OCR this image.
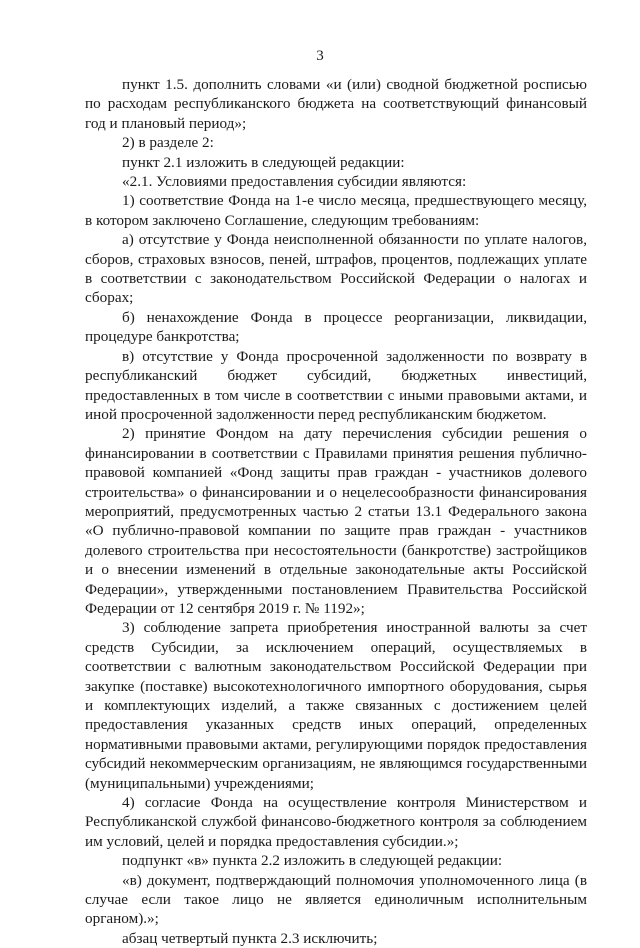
3

пункт 1.5. дополнить словами «и (или) сводной бюджетной росписью по расходам республиканского бюджета на соответствующий финансовый год и плановый период»;

2) в разделе 2:

пункт 2.1 изложить в следующей редакции:

«2.1. Условиями предоставления субсидии являются:

1) соответствие Фонда на 1-е число месяца, предшествующего месяцу, в котором заключено Соглашение, следующим требованиям:

а) отсутствие у Фонда неисполненной обязанности по уплате налогов, сборов, страховых взносов, пеней, штрафов, процентов, подлежащих уплате в соответствии с законодательством Российской Федерации о налогах и сборах;

б) ненахождение Фонда в процессе реорганизации, ликвидации, процедуре банкротства;

в) отсутствие у Фонда просроченной задолженности по возврату в республиканский бюджет субсидий, бюджетных инвестиций, предоставленных в том числе в соответствии с иными правовыми актами, и иной просроченной задолженности перед республиканским бюджетом.

2) принятие Фондом на дату перечисления субсидии решения о финансировании в соответствии с Правилами принятия решения публично-правовой компанией «Фонд защиты прав граждан - участников долевого строительства» о финансировании и о нецелесообразности финансирования мероприятий, предусмотренных частью 2 статьи 13.1 Федерального закона «О публично-правовой компании по защите прав граждан - участников долевого строительства при несостоятельности (банкротстве) застройщиков и о внесении изменений в отдельные законодательные акты Российской Федерации», утвержденными постановлением Правительства Российской Федерации от 12 сентября 2019 г. № 1192»;

3) соблюдение запрета приобретения иностранной валюты за счет средств Субсидии, за исключением операций, осуществляемых в соответствии с валютным законодательством Российской Федерации при закупке (поставке) высокотехнологичного импортного оборудования, сырья и комплектующих изделий, а также связанных с достижением целей предоставления указанных средств иных операций, определенных нормативными правовыми актами, регулирующими порядок предоставления субсидий некоммерческим организациям, не являющимся государственными (муниципальными) учреждениями;

4) согласие Фонда на осуществление контроля Министерством и Республиканской службой финансово-бюджетного контроля за соблюдением им условий, целей и порядка предоставления субсидии.»;

подпункт «в» пункта 2.2 изложить в следующей редакции:

«в) документ, подтверждающий полномочия уполномоченного лица (в случае если такое лицо не является единоличным исполнительным органом).»;

абзац четвертый пункта 2.3 исключить;
